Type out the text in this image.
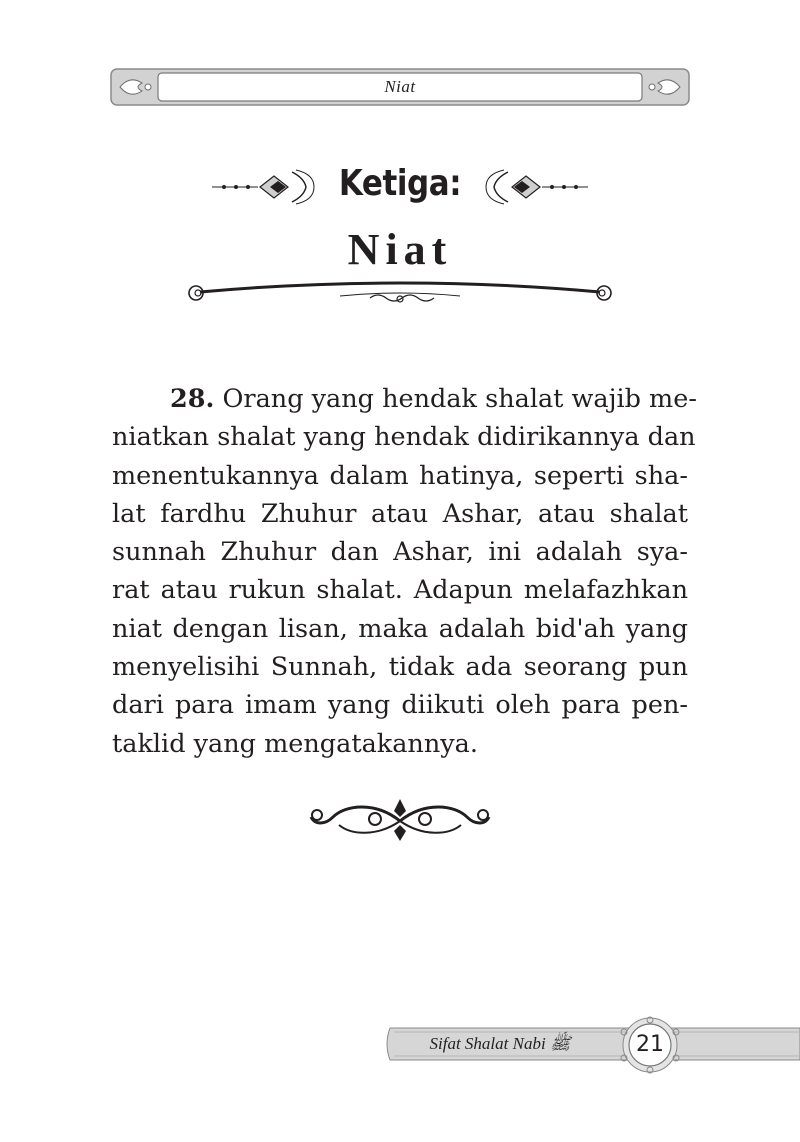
Niat
Ketiga:
Niat
28. Orang yang hendak shalat wajib me-
niatkan shalat yang hendak didirikannya dan
menentukannya dalam hatinya, seperti sha-
lat fardhu Zhuhur atau Ashar, atau shalat
sunnah Zhuhur dan Ashar, ini adalah sya-
rat atau rukun shalat. Adapun melafazhkan
niat dengan lisan, maka adalah bid'ah yang
menyelisihi Sunnah, tidak ada seorang pun
dari para imam yang diikuti oleh para pen-
taklid yang mengatakannya.
Sifat Shalat Nabi ﷺ	21
